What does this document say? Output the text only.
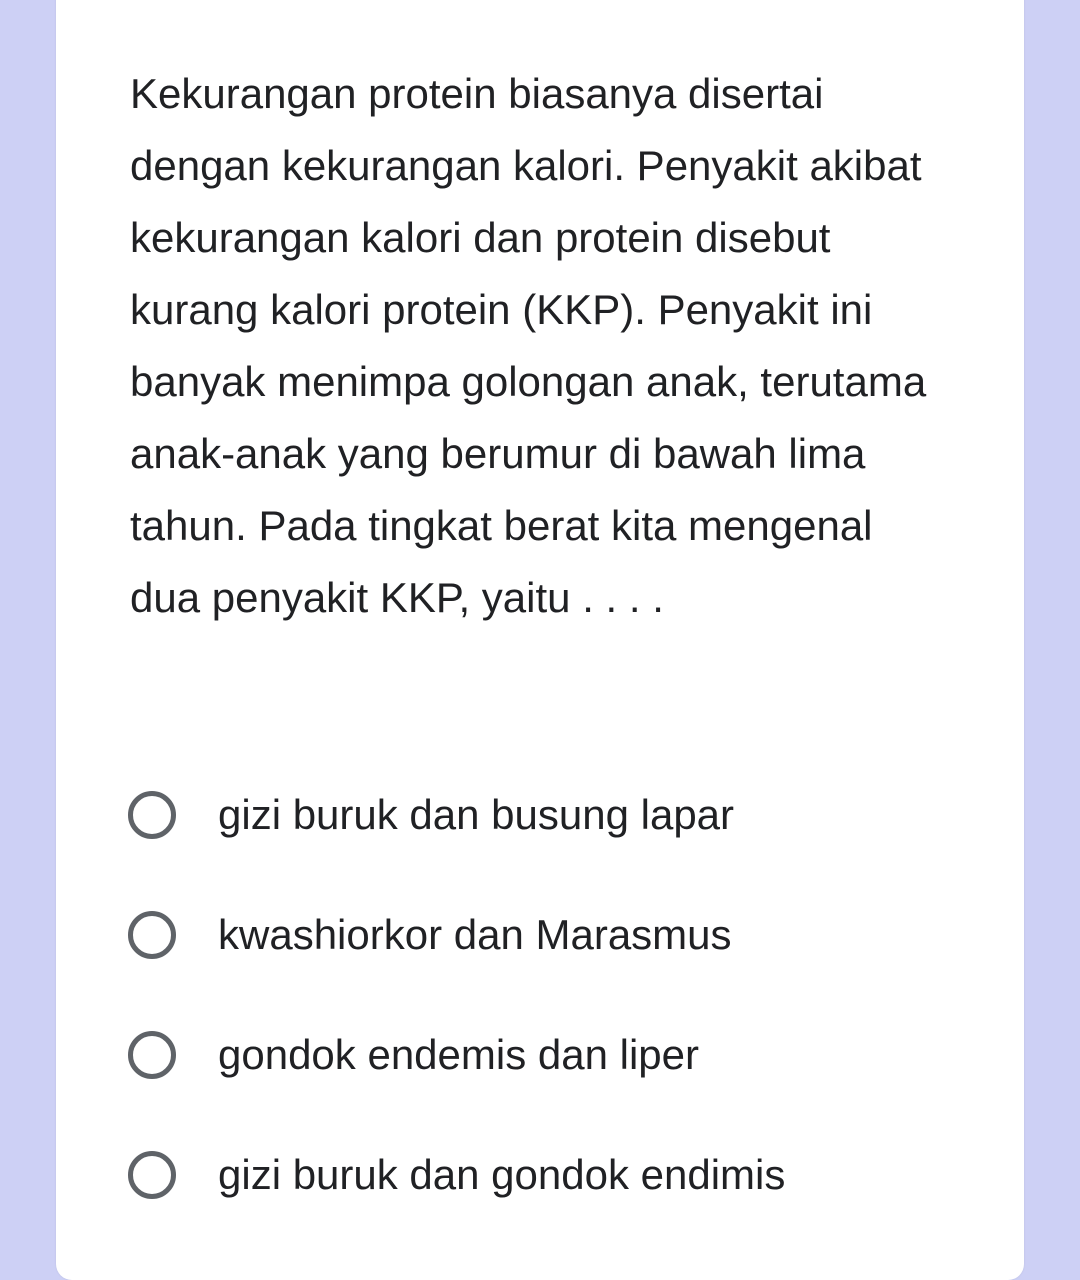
Kekurangan protein biasanya disertai dengan kekurangan kalori. Penyakit akibat kekurangan kalori dan protein disebut kurang kalori protein (KKP). Penyakit ini banyak menimpa golongan anak, terutama anak-anak yang berumur di bawah lima tahun. Pada tingkat berat kita mengenal dua penyakit KKP, yaitu . . . .

gizi buruk dan busung lapar
kwashiorkor dan Marasmus
gondok endemis dan liper
gizi buruk dan gondok endimis
